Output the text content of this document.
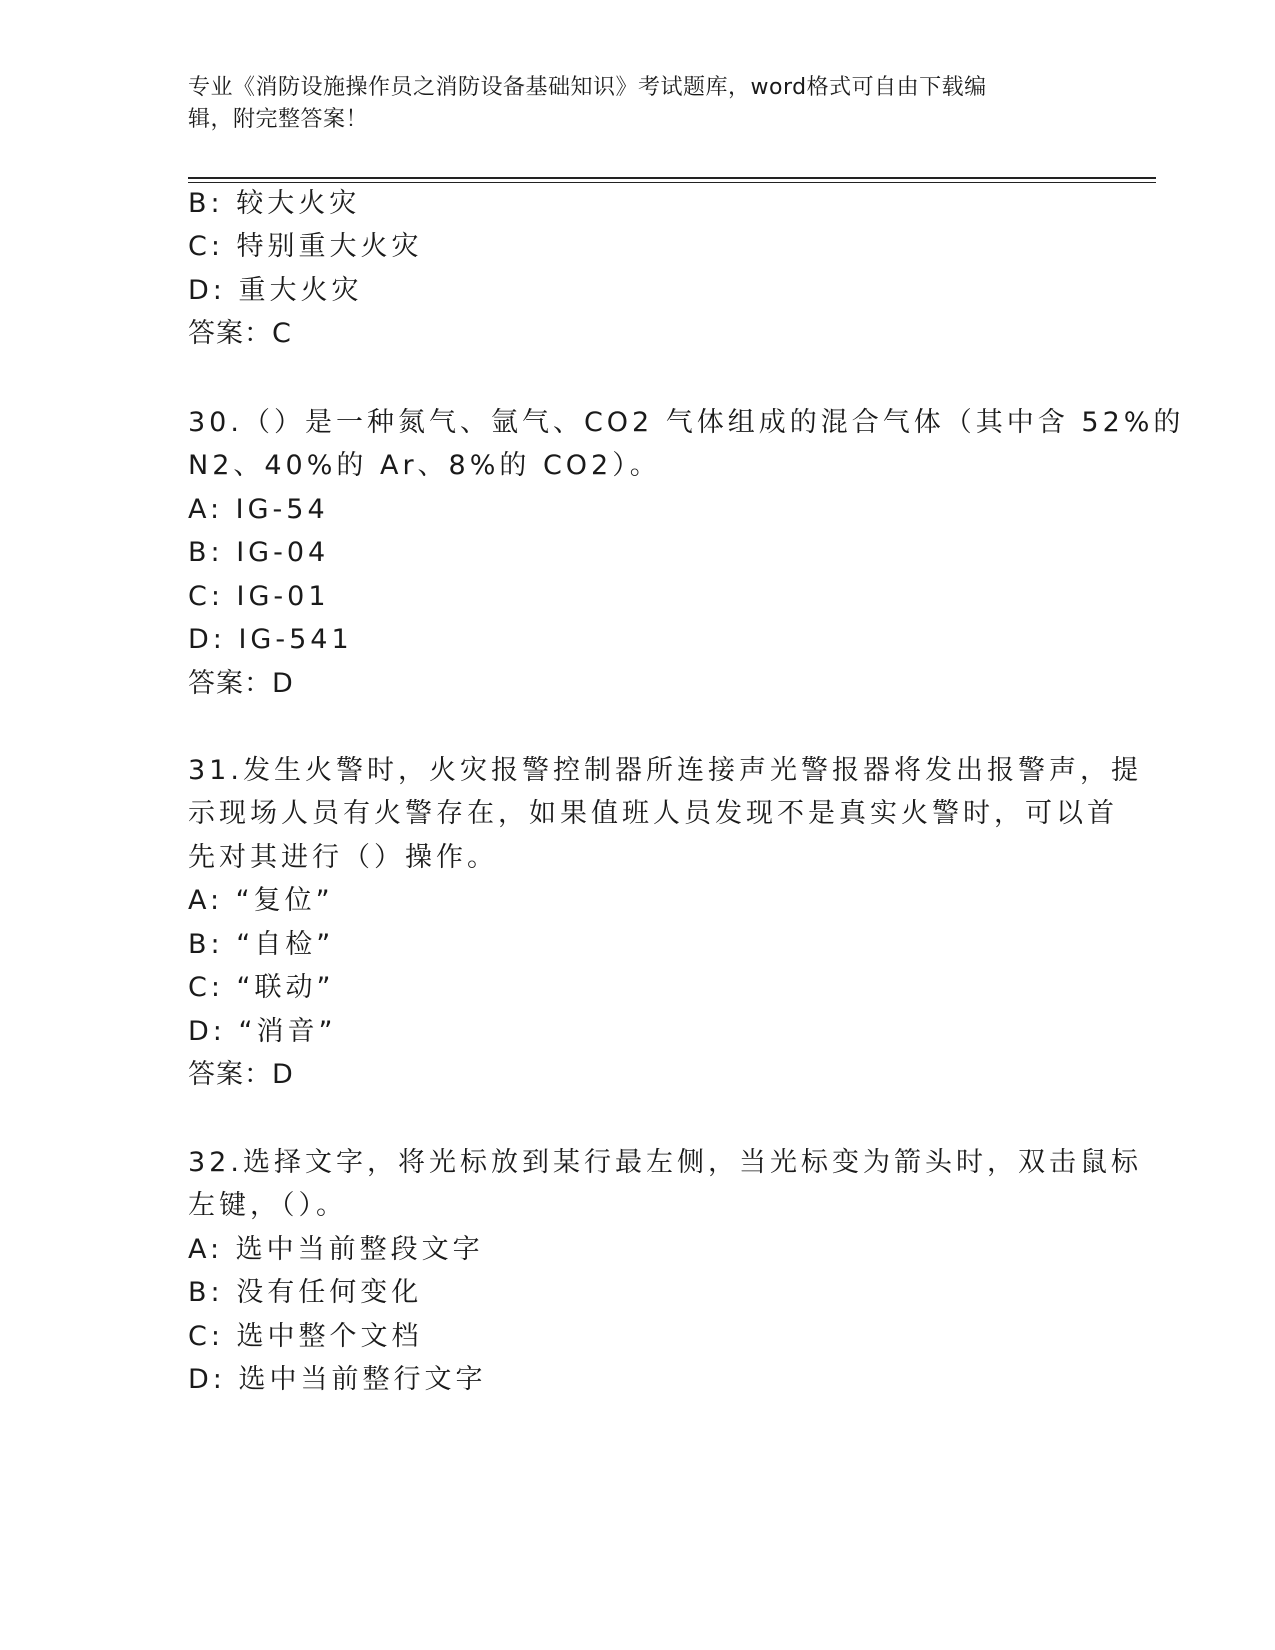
专业《消防设施操作员之消防设备基础知识》考试题库，word格式可自由下载编

辑，附完整答案！
B: 较大火灾
C: 特别重大火灾
D: 重大火灾
答案：C
30.（）是一种氮气、氩气、CO2 气体组成的混合气体（其中含 52%的
N2、40%的 Ar、8%的 CO2）。
A: IG-54
B: IG-04
C: IG-01
D: IG-541
答案：D
31.发生火警时，火灾报警控制器所连接声光警报器将发出报警声，提
示现场人员有火警存在，如果值班人员发现不是真实火警时，可以首
先对其进行（）操作。
A: “复位”
B: “自检”
C: “联动”
D: “消音”
答案：D
32.选择文字，将光标放到某行最左侧，当光标变为箭头时，双击鼠标
左键，（）。
A: 选中当前整段文字
B: 没有任何变化
C: 选中整个文档
D: 选中当前整行文字
